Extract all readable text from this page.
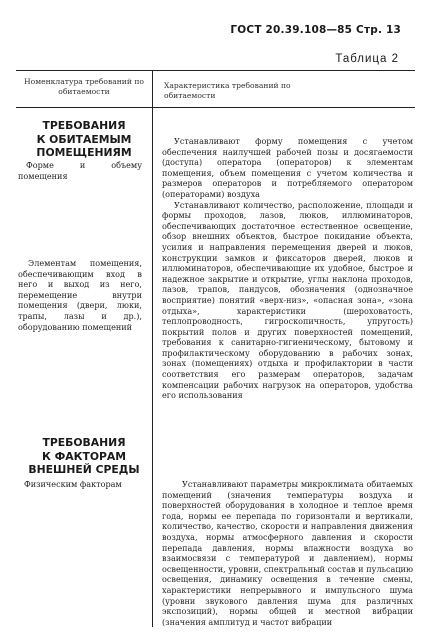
ГОСТ 20.39.108—85 Стр. 13
Таблица 2
Номенклатура требований по обитаемости
Характеристика требований по обитаемости
ТРЕБОВАНИЯ
К ОБИТАЕМЫМ
ПОМЕЩЕНИЯМ
Форме и объему помещения
Элементам помещения, обеспечивающим вход в него и выход из него, перемещение внутри помещения (двери, люки, трапы, лазы и др.), оборудованию помещений

Устанавливают форму помещения с учетом обеспечения наилучшей рабочей позы и досягаемости (доступа) оператора (операторов) к элементам помещения, объем помещения с учетом количества и размеров операторов и потребляемого оператором (операторами) воздуха

Устанавливают количество, расположение, площади и формы проходов, лазов, люков, иллюминаторов, обеспечивающих достаточное естественное освещение, обзор внешних объектов, быстрое покидание объекта, усилия и направления перемещения дверей и люков, конструкции замков и фиксаторов дверей, люков и иллюминаторов, обеспечивающие их удобное, быстрое и надежное закрытие и открытие, углы наклона проходов, лазов, трапов, пандусов, обозначения (однозначное восприятие) понятий «верх-низ», «опасная зона», «зона отдыха», характеристики (шероховатость, теплопроводность, гигроскопичность, упругость) покрытий полов и других поверхностей помещений, требования к санитарно-гигиеническому, бытовому и профилактическому оборудованию в рабочих зонах, зонах (помещениях) отдыха и профилактории в части соответствия его размерам операторов, задачам компенсации рабочих нагрузок на операторов, удобства его использования

ТРЕБОВАНИЯ
К ФАКТОРАМ
ВНЕШНЕЙ СРЕДЫ
Физическим факторам	Устанавливают параметры микроклимата обитаемых помещений (значения температуры воздуха и поверхностей оборудования в холодное и теплое время года, нормы ее перепада по горизонтали и вертикали, количество, качество, скорости и направления движения воздуха, нормы атмосферного давления и скорости перепада давления, нормы влажности воздуха во взаимосвязи с температурой и давлением), нормы освещенности, уровни, спектральный состав и пульсацию освещения, динамику освещения в течение смены, характеристики непрерывного и импульсного шума (уровни звукового давления шума для различных экспозиций), нормы общей и местной вибрации (значения амплитуд и частот вибрации
